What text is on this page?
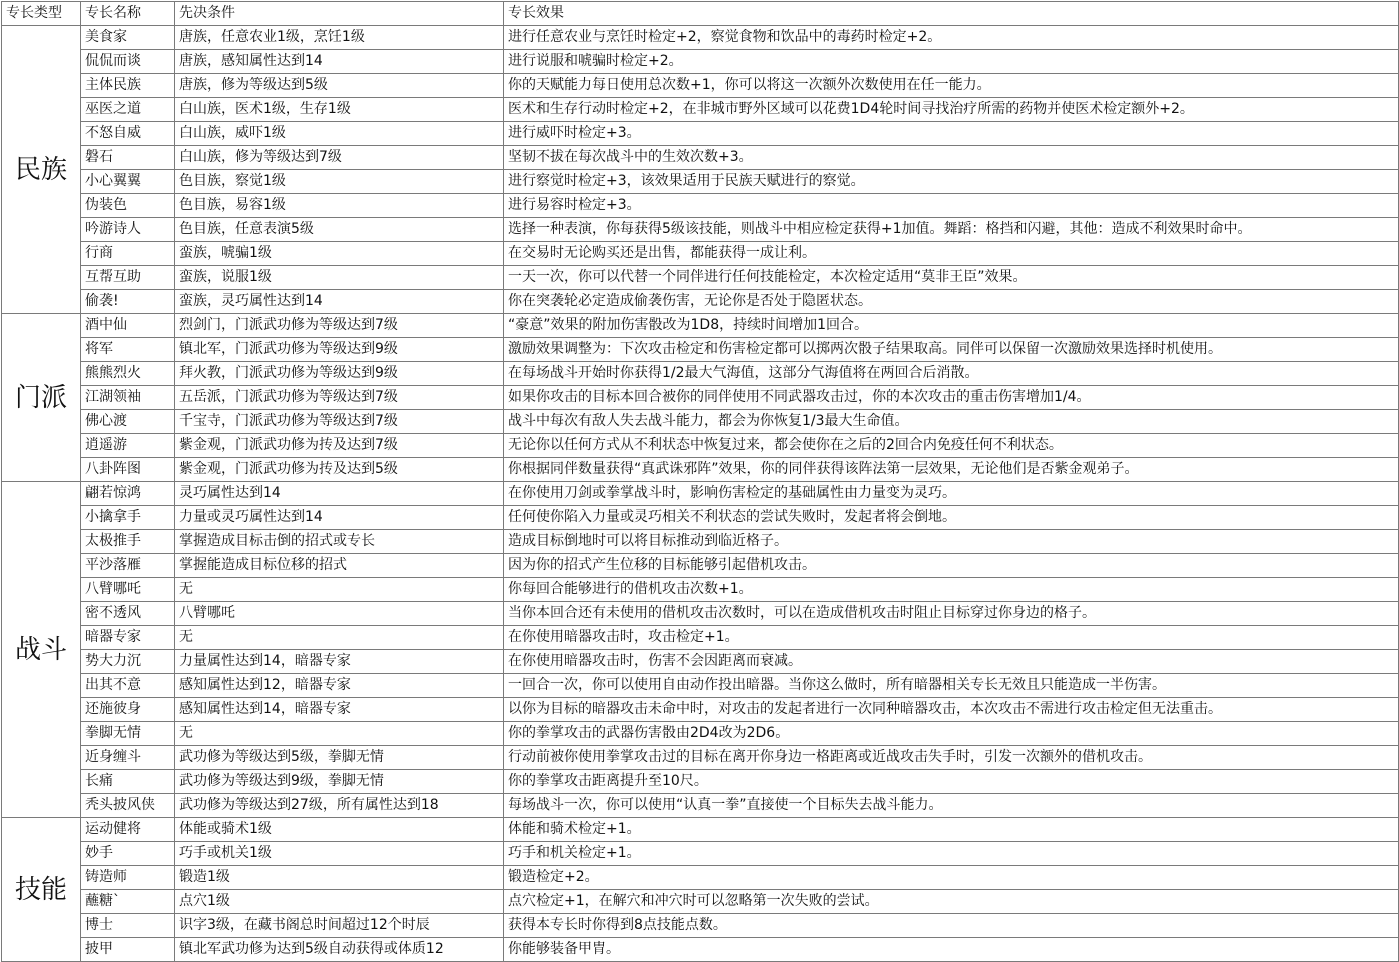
专长类型	专长名称	先决条件	专长效果
民族	美食家	唐族，任意农业1级，烹饪1级	进行任意农业与烹饪时检定+2，察觉食物和饮品中的毒药时检定+2。
	侃侃而谈	唐族，感知属性达到14	进行说服和唬骗时检定+2。
	主体民族	唐族，修为等级达到5级	你的天赋能力每日使用总次数+1，你可以将这一次额外次数使用在任一能力。
	巫医之道	白山族，医术1级，生存1级	医术和生存行动时检定+2，在非城市野外区域可以花费1D4轮时间寻找治疗所需的药物并使医术检定额外+2。
	不怒自威	白山族，威吓1级	进行威吓时检定+3。
	磐石	白山族，修为等级达到7级	坚韧不拔在每次战斗中的生效次数+3。
	小心翼翼	色目族，察觉1级	进行察觉时检定+3，该效果适用于民族天赋进行的察觉。
	伪装色	色目族，易容1级	进行易容时检定+3。
	吟游诗人	色目族，任意表演5级	选择一种表演，你每获得5级该技能，则战斗中相应检定获得+1加值。舞蹈：格挡和闪避，其他：造成不利效果时命中。
	行商	蛮族，唬骗1级	在交易时无论购买还是出售，都能获得一成让利。
	互帮互助	蛮族，说服1级	一天一次，你可以代替一个同伴进行任何技能检定，本次检定适用“莫非王臣”效果。
	偷袭!	蛮族，灵巧属性达到14	你在突袭轮必定造成偷袭伤害，无论你是否处于隐匿状态。
门派	酒中仙	烈剑门，门派武功修为等级达到7级	“豪意”效果的附加伤害骰改为1D8，持续时间增加1回合。
	将军	镇北军，门派武功修为等级达到9级	激励效果调整为：下次攻击检定和伤害检定都可以掷两次骰子结果取高。同伴可以保留一次激励效果选择时机使用。
	熊熊烈火	拜火教，门派武功修为等级达到9级	在每场战斗开始时你获得1/2最大气海值，这部分气海值将在两回合后消散。
	江湖领袖	五岳派，门派武功修为等级达到7级	如果你攻击的目标本回合被你的同伴使用不同武器攻击过，你的本次攻击的重击伤害增加1/4。
	佛心渡	千宝寺，门派武功修为等级达到7级	战斗中每次有敌人失去战斗能力，都会为你恢复1/3最大生命值。
	逍遥游	紫金观，门派武功修为抟及达到7级	无论你以任何方式从不利状态中恢复过来，都会使你在之后的2回合内免疫任何不利状态。
	八卦阵图	紫金观，门派武功修为抟及达到5级	你根据同伴数量获得“真武诛邪阵”效果，你的同伴获得该阵法第一层效果，无论他们是否紫金观弟子。
战斗	翩若惊鸿	灵巧属性达到14	在你使用刀剑或拳掌战斗时，影响伤害检定的基础属性由力量变为灵巧。
	小擒拿手	力量或灵巧属性达到14	任何使你陷入力量或灵巧相关不利状态的尝试失败时，发起者将会倒地。
	太极推手	掌握造成目标击倒的招式或专长	造成目标倒地时可以将目标推动到临近格子。
	平沙落雁	掌握能造成目标位移的招式	因为你的招式产生位移的目标能够引起借机攻击。
	八臂哪吒	无	你每回合能够进行的借机攻击次数+1。
	密不透风	八臂哪吒	当你本回合还有未使用的借机攻击次数时，可以在造成借机攻击时阻止目标穿过你身边的格子。
	暗器专家	无	在你使用暗器攻击时，攻击检定+1。
	势大力沉	力量属性达到14，暗器专家	在你使用暗器攻击时，伤害不会因距离而衰减。
	出其不意	感知属性达到12，暗器专家	一回合一次，你可以使用自由动作投出暗器。当你这么做时，所有暗器相关专长无效且只能造成一半伤害。
	还施彼身	感知属性达到14，暗器专家	以你为目标的暗器攻击未命中时，对攻击的发起者进行一次同种暗器攻击，本次攻击不需进行攻击检定但无法重击。
	拳脚无情	无	你的拳掌攻击的武器伤害骰由2D4改为2D6。
	近身缠斗	武功修为等级达到5级，拳脚无情	行动前被你使用拳掌攻击过的目标在离开你身边一格距离或近战攻击失手时，引发一次额外的借机攻击。
	长痛	武功修为等级达到9级，拳脚无情	你的拳掌攻击距离提升至10尺。
	秃头披风侠	武功修为等级达到27级，所有属性达到18	每场战斗一次，你可以使用“认真一拳”直接使一个目标失去战斗能力。
技能	运动健将	体能或骑术1级	体能和骑术检定+1。
	妙手	巧手或机关1级	巧手和机关检定+1。
	铸造师	锻造1级	锻造检定+2。
	蘸糖`	点穴1级	点穴检定+1，在解穴和冲穴时可以忽略第一次失败的尝试。
	博士	识字3级，在藏书阁总时间超过12个时辰	获得本专长时你得到8点技能点数。
	披甲	镇北军武功修为达到5级自动获得或体质12	你能够装备甲胄。
